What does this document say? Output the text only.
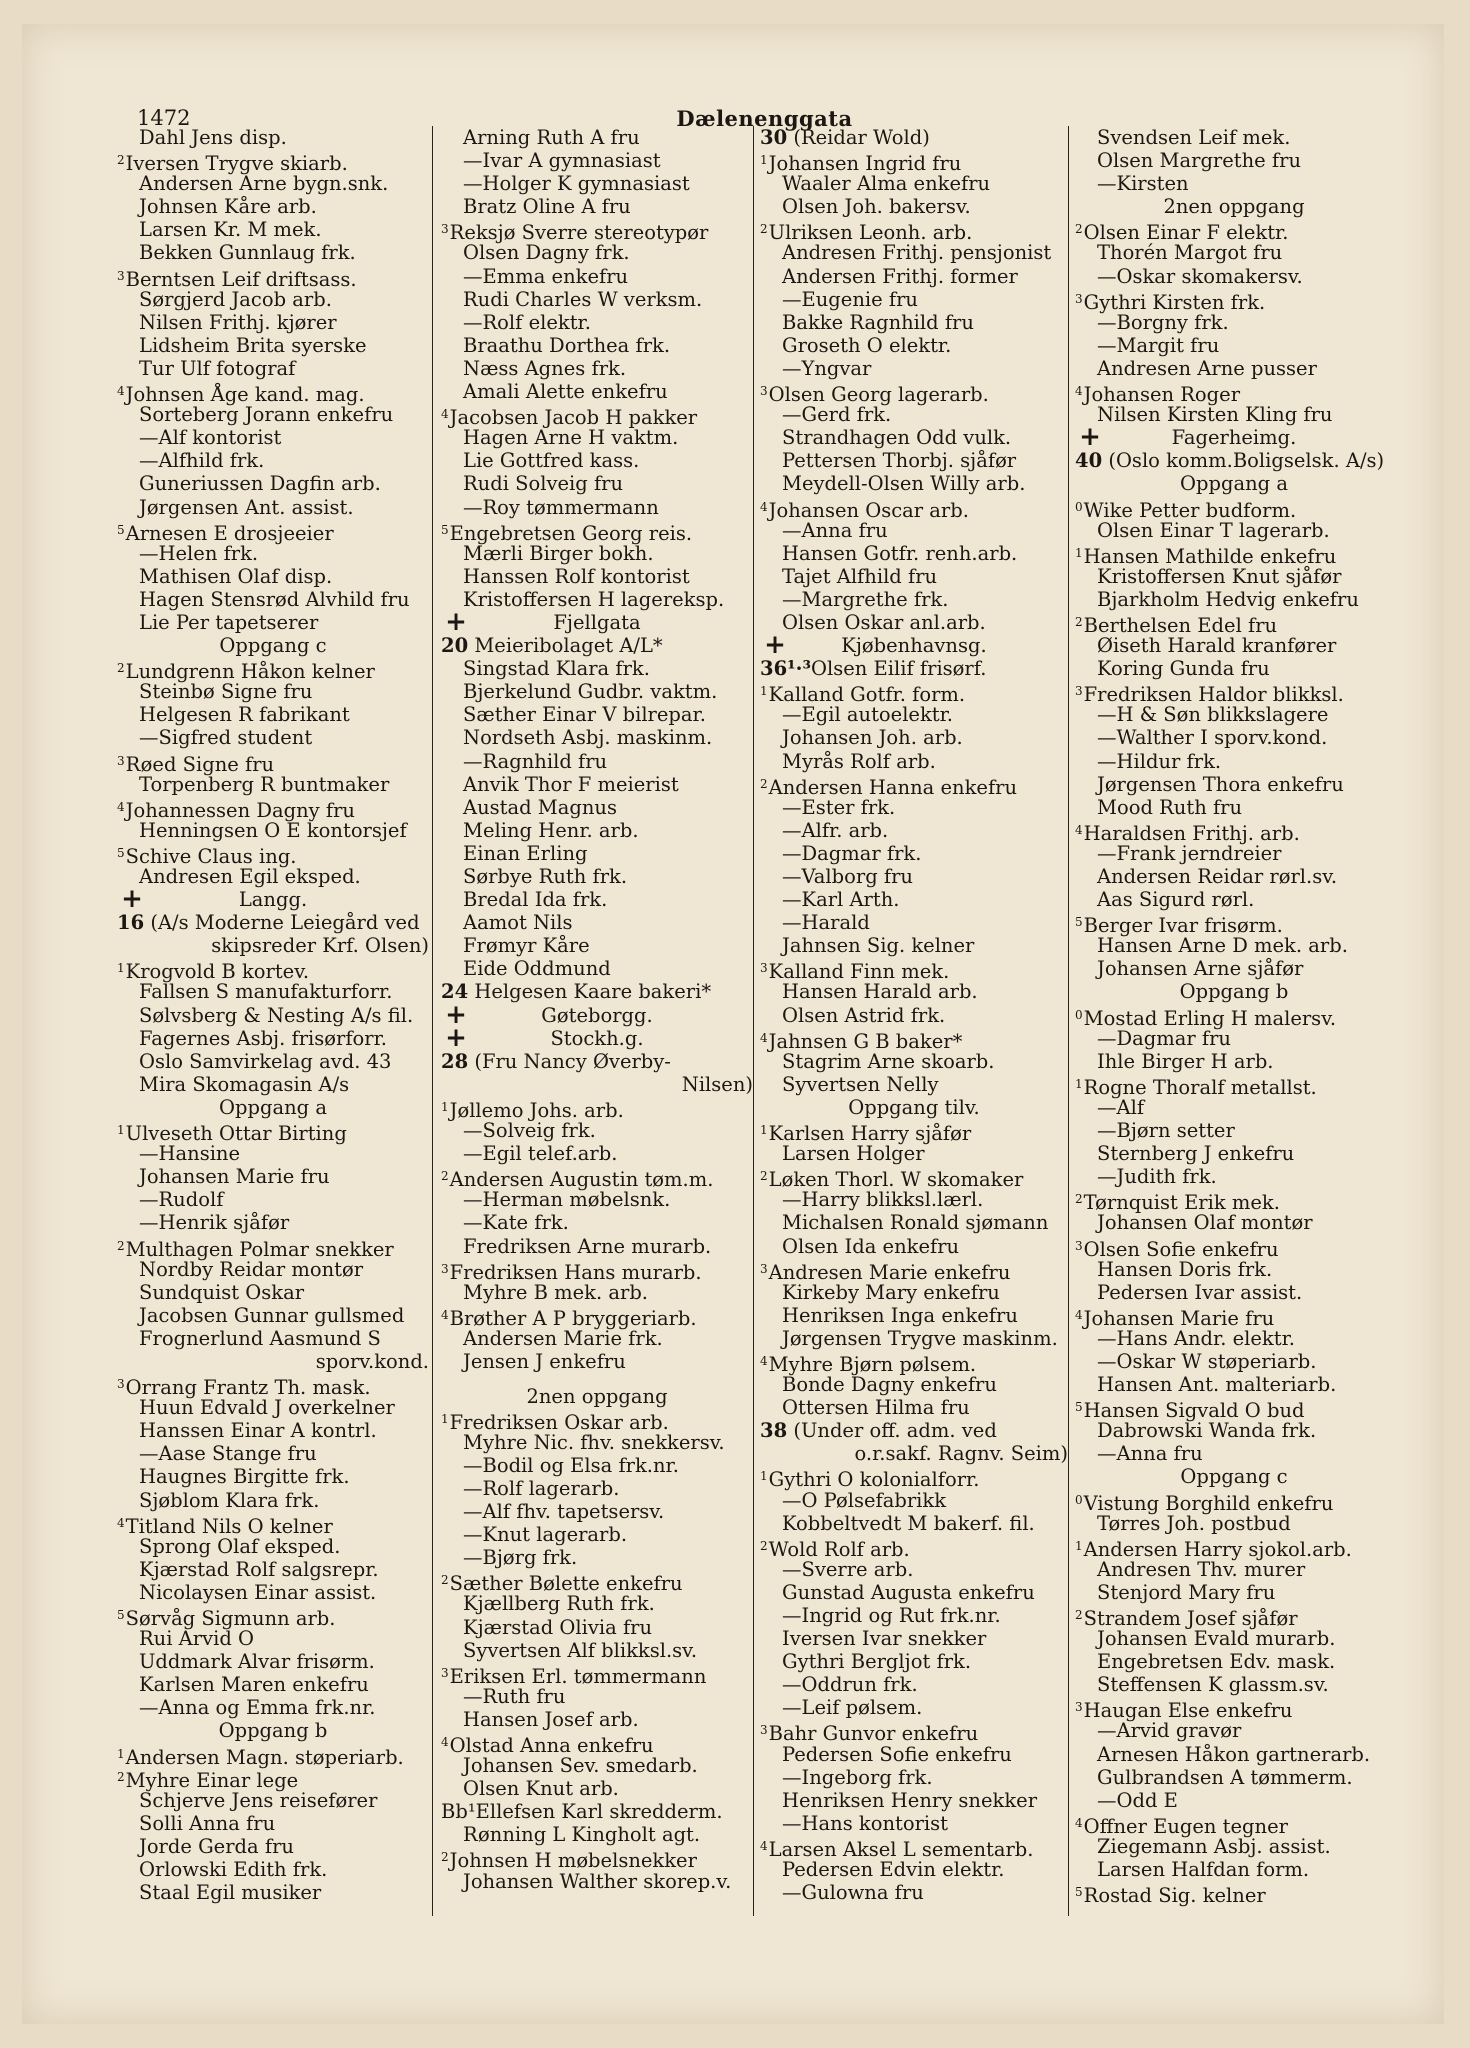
1472	Dælenenggata
Dahl Jens disp.
$^2$Iversen Trygve skiarb.
Andersen Arne bygn.snk.
Johnsen Kåre arb.
Larsen Kr. M mek.
Bekken Gunnlaug frk.
$^3$Berntsen Leif driftsass.
Sørgjerd Jacob arb.
Nilsen Frithj. kjører
Lidsheim Brita syerske
Tur Ulf fotograf
$^4$Johnsen Åge kand. mag.
Sorteberg Jorann enkefru
—Alf kontorist
—Alfhild frk.
Guneriussen Dagfin arb.
Jørgensen Ant. assist.
$^5$Arnesen E drosjeeier
—Helen frk.
Mathisen Olaf disp.
Hagen Stensrød Alvhild fru
Lie Per tapetserer
Oppgang c
$^2$Lundgrenn Håkon kelner
Steinbø Signe fru
Helgesen R fabrikant
—Sigfred student
$^3$Røed Signe fru
Torpenberg R buntmaker
$^4$Johannessen Dagny fru
Henningsen O E kontorsjef
$^5$Schive Claus ing.
Andresen Egil eksped.
+	Langg.
16 (A/s Moderne Leiegård ved
skipsreder Krf. Olsen)
$^1$Krogvold B kortev.
Fallsen S manufakturforr.
Sølvsberg & Nesting A/s fil.
Fagernes Asbj. frisørforr.
Oslo Samvirkelag avd. 43
Mira Skomagasin A/s
Oppgang a
$^1$Ulveseth Ottar Birting
—Hansine
Johansen Marie fru
—Rudolf
—Henrik sjåfør
$^2$Multhagen Polmar snekker
Nordby Reidar montør
Sundquist Oskar
Jacobsen Gunnar gullsmed
Frognerlund Aasmund S
sporv.kond.
$^3$Orrang Frantz Th. mask.
Huun Edvald J overkelner
Hanssen Einar A kontrl.
—Aase Stange fru
Haugnes Birgitte frk.
Sjøblom Klara frk.
$^4$Titland Nils O kelner
Sprong Olaf eksped.
Kjærstad Rolf salgsrepr.
Nicolaysen Einar assist.
$^5$Sørvåg Sigmunn arb.
Rui Arvid O
Uddmark Alvar frisørm.
Karlsen Maren enkefru
—Anna og Emma frk.nr.
Oppgang b
$^1$Andersen Magn. støperiarb.
$^2$Myhre Einar lege
Schjerve Jens reisefører
Solli Anna fru
Jorde Gerda fru
Orlowski Edith frk.
Staal Egil musiker
Arning Ruth A fru
—Ivar A gymnasiast
—Holger K gymnasiast
Bratz Oline A fru
$^3$Reksjø Sverre stereotypør
Olsen Dagny frk.
—Emma enkefru
Rudi Charles W verksm.
—Rolf elektr.
Braathu Dorthea frk.
Næss Agnes frk.
Amali Alette enkefru
$^4$Jacobsen Jacob H pakker
Hagen Arne H vaktm.
Lie Gottfred kass.
Rudi Solveig fru
—Roy tømmermann
$^5$Engebretsen Georg reis.
Mærli Birger bokh.
Hanssen Rolf kontorist
Kristoffersen H lagereksp.
+	Fjellgata
20 Meieribolaget A/L*
Singstad Klara frk.
Bjerkelund Gudbr. vaktm.
Sæther Einar V bilrepar.
Nordseth Asbj. maskinm.
—Ragnhild fru
Anvik Thor F meierist
Austad Magnus
Meling Henr. arb.
Einan Erling
Sørbye Ruth frk.
Bredal Ida frk.
Aamot Nils
Frømyr Kåre
Eide Oddmund
24 Helgesen Kaare bakeri*
+	Gøteborgg.
+	Stockh.g.
28 (Fru Nancy Øverby-
Nilsen)
$^1$Jøllemo Johs. arb.
—Solveig frk.
—Egil telef.arb.
$^2$Andersen Augustin tøm.m.
—Herman møbelsnk.
—Kate frk.
Fredriksen Arne murarb.
$^3$Fredriksen Hans murarb.
Myhre B mek. arb.
$^4$Brøther A P bryggeriarb.
Andersen Marie frk.
Jensen J enkefru
2nen oppgang
$^1$Fredriksen Oskar arb.
Myhre Nic. fhv. snekkersv.
—Bodil og Elsa frk.nr.
—Rolf lagerarb.
—Alf fhv. tapetsersv.
—Knut lagerarb.
—Bjørg frk.
$^2$Sæther Bølette enkefru
Kjællberg Ruth frk.
Kjærstad Olivia fru
Syvertsen Alf blikksl.sv.
$^3$Eriksen Erl. tømmermann
—Ruth fru
Hansen Josef arb.
$^4$Olstad Anna enkefru
Johansen Sev. smedarb.
Olsen Knut arb.
Bb¹Ellefsen Karl skredderm.
Rønning L Kingholt agt.
$^2$Johnsen H møbelsnekker
Johansen Walther skorep.v.
30 (Reidar Wold)
$^1$Johansen Ingrid fru
Waaler Alma enkefru
Olsen Joh. bakersv.
$^2$Ulriksen Leonh. arb.
Andresen Frithj. pensjonist
Andersen Frithj. former
—Eugenie fru
Bakke Ragnhild fru
Groseth O elektr.
—Yngvar
$^3$Olsen Georg lagerarb.
—Gerd frk.
Strandhagen Odd vulk.
Pettersen Thorbj. sjåfør
Meydell-Olsen Willy arb.
$^4$Johansen Oscar arb.
—Anna fru
Hansen Gotfr. renh.arb.
Tajet Alfhild fru
—Margrethe frk.
Olsen Oskar anl.arb.
+	Kjøbenhavnsg.
36¹·³Olsen Eilif frisørf.
$^1$Kalland Gotfr. form.
—Egil autoelektr.
Johansen Joh. arb.
Myrås Rolf arb.
$^2$Andersen Hanna enkefru
—Ester frk.
—Alfr. arb.
—Dagmar frk.
—Valborg fru
—Karl Arth.
—Harald
Jahnsen Sig. kelner
$^3$Kalland Finn mek.
Hansen Harald arb.
Olsen Astrid frk.
$^4$Jahnsen G B baker*
Stagrim Arne skoarb.
Syvertsen Nelly
Oppgang tilv.
$^1$Karlsen Harry sjåfør
Larsen Holger
$^2$Løken Thorl. W skomaker
—Harry blikksl.lærl.
Michalsen Ronald sjømann
Olsen Ida enkefru
$^3$Andresen Marie enkefru
Kirkeby Mary enkefru
Henriksen Inga enkefru
Jørgensen Trygve maskinm.
$^4$Myhre Bjørn pølsem.
Bonde Dagny enkefru
Ottersen Hilma fru
38 (Under off. adm. ved
o.r.sakf. Ragnv. Seim)
$^1$Gythri O kolonialforr.
—O Pølsefabrikk
Kobbeltvedt M bakerf. fil.
$^2$Wold Rolf arb.
—Sverre arb.
Gunstad Augusta enkefru
—Ingrid og Rut frk.nr.
Iversen Ivar snekker
Gythri Bergljot frk.
—Oddrun frk.
—Leif pølsem.
$^3$Bahr Gunvor enkefru
Pedersen Sofie enkefru
—Ingeborg frk.
Henriksen Henry snekker
—Hans kontorist
$^4$Larsen Aksel L sementarb.
Pedersen Edvin elektr.
—Gulowna fru
Svendsen Leif mek.
Olsen Margrethe fru
—Kirsten
2nen oppgang
$^2$Olsen Einar F elektr.
Thorén Margot fru
—Oskar skomakersv.
$^3$Gythri Kirsten frk.
—Borgny frk.
—Margit fru
Andresen Arne pusser
$^4$Johansen Roger
Nilsen Kirsten Kling fru
+	Fagerheimg.
40 (Oslo komm.Boligselsk. A/s)
Oppgang a
$^0$Wike Petter budform.
Olsen Einar T lagerarb.
$^1$Hansen Mathilde enkefru
Kristoffersen Knut sjåfør
Bjarkholm Hedvig enkefru
$^2$Berthelsen Edel fru
Øiseth Harald kranfører
Koring Gunda fru
$^3$Fredriksen Haldor blikksl.
—H & Søn blikkslagere
—Walther I sporv.kond.
—Hildur frk.
Jørgensen Thora enkefru
Mood Ruth fru
$^4$Haraldsen Frithj. arb.
—Frank jerndreier
Andersen Reidar rørl.sv.
Aas Sigurd rørl.
$^5$Berger Ivar frisørm.
Hansen Arne D mek. arb.
Johansen Arne sjåfør
Oppgang b
$^0$Mostad Erling H malersv.
—Dagmar fru
Ihle Birger H arb.
$^1$Rogne Thoralf metallst.
—Alf
—Bjørn setter
Sternberg J enkefru
—Judith frk.
$^2$Tørnquist Erik mek.
Johansen Olaf montør
$^3$Olsen Sofie enkefru
Hansen Doris frk.
Pedersen Ivar assist.
$^4$Johansen Marie fru
—Hans Andr. elektr.
—Oskar W støperiarb.
Hansen Ant. malteriarb.
$^5$Hansen Sigvald O bud
Dabrowski Wanda frk.
—Anna fru
Oppgang c
$^0$Vistung Borghild enkefru
Tørres Joh. postbud
$^1$Andersen Harry sjokol.arb.
Andresen Thv. murer
Stenjord Mary fru
$^2$Strandem Josef sjåfør
Johansen Evald murarb.
Engebretsen Edv. mask.
Steffensen K glassm.sv.
$^3$Haugan Else enkefru
—Arvid gravør
Arnesen Håkon gartnerarb.
Gulbrandsen A tømmerm.
—Odd E
$^4$Offner Eugen tegner
Ziegemann Asbj. assist.
Larsen Halfdan form.
$^5$Rostad Sig. kelner
